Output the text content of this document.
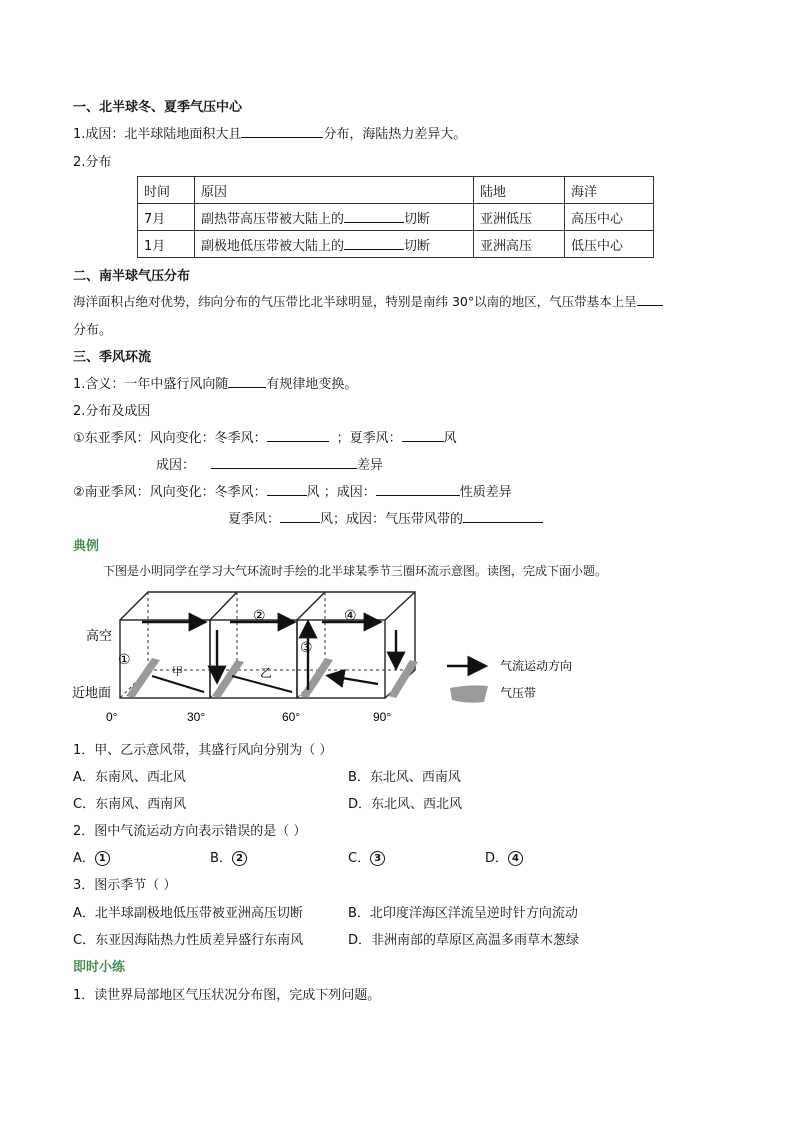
一、北半球冬、夏季气压中心
1.成因：北半球陆地面积大且	分布，海陆热力差异大。
2.分布
时间	原因	陆地	海洋
7月	副热带高压带被大陆上的 切断	亚洲低压	高压中心
1月	副极地低压带被大陆上的 切断	亚洲高压	低压中心
二、南半球气压分布
海洋面积占绝对优势，纬向分布的气压带比北半球明显，特别是南纬 30°以南的地区，气压带基本上呈
分布。
三、季风环流
1.含义：一年中盛行风向随	有规律地变换。
2.分布及成因
①东亚季风：风向变化：冬季风：	；夏季风：	风
成因：	差异
②南亚季风：风向变化：冬季风：	风 ；成因：	性质差异
夏季风：	风；成因：气压带风带的
典例
下图是小明同学在学习大气环流时手绘的北半球某季节三圈环流示意图。读图，完成下面小题。
高空
近地面
0°	30°	60°	90°
①
②
③
④
甲	乙	气流运动方向
气压带
1．甲、乙示意风带，其盛行风向分别为（ ）
A．东南风、西北风	B．东北风、西南风
C．东南风、西南风	D．东北风、西北风
2．图中气流运动方向表示错误的是（ ）
A． 1	B． 2	C． 3	D． 4
3．图示季节（ ）
A．北半球副极地低压带被亚洲高压切断	B．北印度洋海区洋流呈逆时针方向流动
C．东亚因海陆热力性质差异盛行东南风	D．非洲南部的草原区高温多雨草木葱绿
即时小练
1．读世界局部地区气压状况分布图，完成下列问题。
